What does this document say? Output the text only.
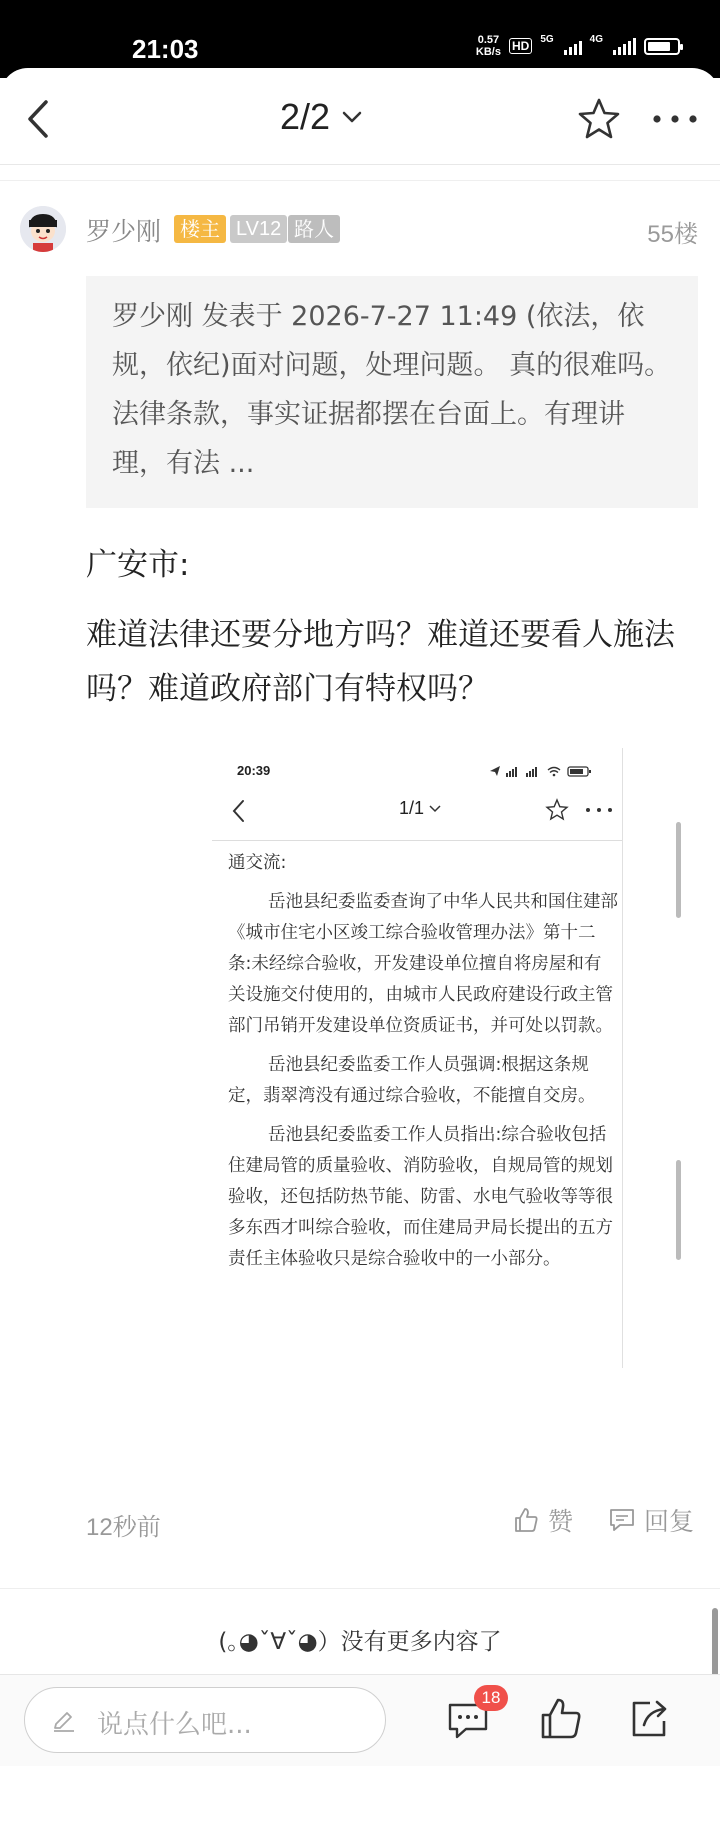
21:03	0.57
KB/s HD	5G	4G
2/2
罗少刚 楼主 LV12 路人	55楼
罗少刚 发表于 2026-7-27 11:49 (依法，依规，依纪)面对问题，处理问题。 真的很难吗。 法律条款，事实证据都摆在台面上。有理讲理，有法 ...
广安市:
难道法律还要分地方吗？难道还要看人施法吗？难道政府部门有特权吗？
20:39
1/1

通交流:

岳池县纪委监委查询了中华人民共和国住建部《城市住宅小区竣工综合验收管理办法》第十二条:未经综合验收，开发建设单位擅自将房屋和有关设施交付使用的，由城市人民政府建设行政主管部门吊销开发建设单位资质证书，并可处以罚款。

岳池县纪委监委工作人员强调:根据这条规定，翡翠湾没有通过综合验收，不能擅自交房。

岳池县纪委监委工作人员指出:综合验收包括住建局管的质量验收、消防验收，自规局管的规划验收，还包括防热节能、防雷、水电气验收等等很多东西才叫综合验收，而住建局尹局长提出的五方责任主体验收只是综合验收中的一小部分。

12秒前	赞	回复
(｡◕ˇ∀ˇ◕）没有更多内容了
说点什么吧...
18
